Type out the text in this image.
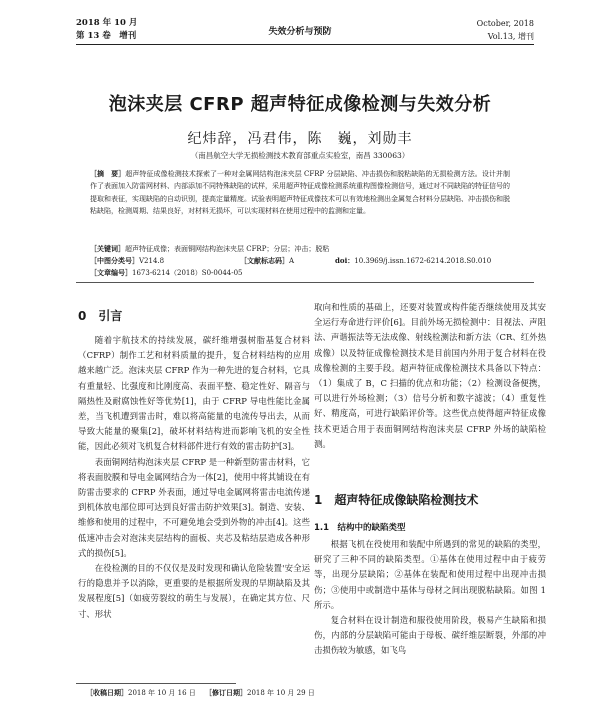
2018 年 10 月
第 13 卷　增刊	失效分析与预防
October, 2018
Vol.13, 增刊
泡沫夹层 CFRP 超声特征成像检测与失效分析
纪炜辞，冯君伟，陈　巍，刘勋丰
（南昌航空大学无损检测技术教育部重点实验室，南昌 330063）
［摘　要］超声特征成像检测技术探索了一种对金属网结构泡沫夹层 CFRP 分层缺陷、冲击损伤和脱粘缺陷的无损检测方法。设计并制作了表面加入防雷网材料、内部添加不同特殊缺陷的试样，采用超声特征成像检测系统重构图像检测信号，通过对不同缺陷的特征信号的提取和表征，实现缺陷的自动识别，提高定量精度。试验表明超声特征成像技术可以有效地检测出金属复合材料分层缺陷、冲击损伤和脱粘缺陷，检测周期、结果良好，对材料无损坏，可以实现材料在使用过程中的监测和定量。
［关键词］超声特征成像；表面铜网结构泡沫夹层 CFRP；分层；冲击；脱粘
［中图分类号］V214.8	［文献标志码］A	doi：10.3969/j.issn.1672-6214.2018.S0.010
［文章编号］1673-6214（2018）S0-0044-05
0　引言

随着宇航技术的持续发展，碳纤维增强树脂基复合材料（CFRP）制作工艺和材料质量的提升，复合材料结构的应用越来越广泛。泡沫夹层 CFRP 作为一种先进的复合材料，它具有重量轻、比强度和比刚度高、表面平整、稳定性好、隔音与隔热性及耐腐蚀性好等优势[1]，由于 CFRP 导电性能比金属差，当飞机遭到雷击时，难以将高能量的电流传导出去，从而导致大能量的聚集[2]，破坏材料结构进而影响飞机的安全性能，因此必须对飞机复合材料部件进行有效的雷击防护[3]。

表面铜网结构泡沫夹层 CFRP 是一种新型防雷击材料，它将表面胶膜和导电金属网结合为一体[2]，使用中将其铺设在有防雷击要求的 CFRP 外表面，通过导电金属网将雷击电流传递到机体放电部位即可达到良好雷击防护效果[3]。制造、安装、维修和使用的过程中，不可避免地会受到外物的冲击[4]。这些低速冲击会对泡沫夹层结构的面板、夹芯及粘结层造成各种形式的损伤[5]。

在役检测的目的不仅仅是及时发现和确认危险装置'安全运行的隐患并予以消除，更重要的是根据所发现的早期缺陷及其发展程度[5]（如疲劳裂纹的萌生与发展），在确定其方位、尺寸、形状

取向和性质的基础上，还要对装置或构件能否继续使用及其安全运行寿命进行评价[6]。目前外场无损检测中：目视法、声阻法、声谐振法等无法成像、射线检测法和新方法（CR、红外热成像）以及特征成像检测技术是目前国内外用于复合材料在役成像检测的主要手段。超声特征成像检测技术具备以下特点：（1）集成了 B，C 扫描的优点和功能；（2）检测设备便携，可以进行外场检测；（3）信号分析和数字滤波；（4）重复性好、精度高，可进行缺陷评价等。这些优点使得超声特征成像技术更适合用于表面铜网结构泡沫夹层 CFRP 外场的缺陷检测。

1　超声特征成像缺陷检测技术
1.1　结构中的缺陷类型

根据飞机在役使用和装配中所遇到的常见的缺陷的类型，研究了三种不同的缺陷类型。①基体在使用过程中由于疲劳等，出现分层缺陷；②基体在装配和使用过程中出现冲击损伤；③使用中或制造中基体与母材之间出现脱粘缺陷。如图 1 所示。

复合材料在设计制造和服役使用阶段，极易产生缺陷和损伤，内部的分层缺陷可能由于母板、碳纤维层断裂，外部的冲击损伤较为敏感，如飞鸟

［收稿日期］2018 年 10 月 16 日　 ［修订日期］2018 年 10 月 29 日
